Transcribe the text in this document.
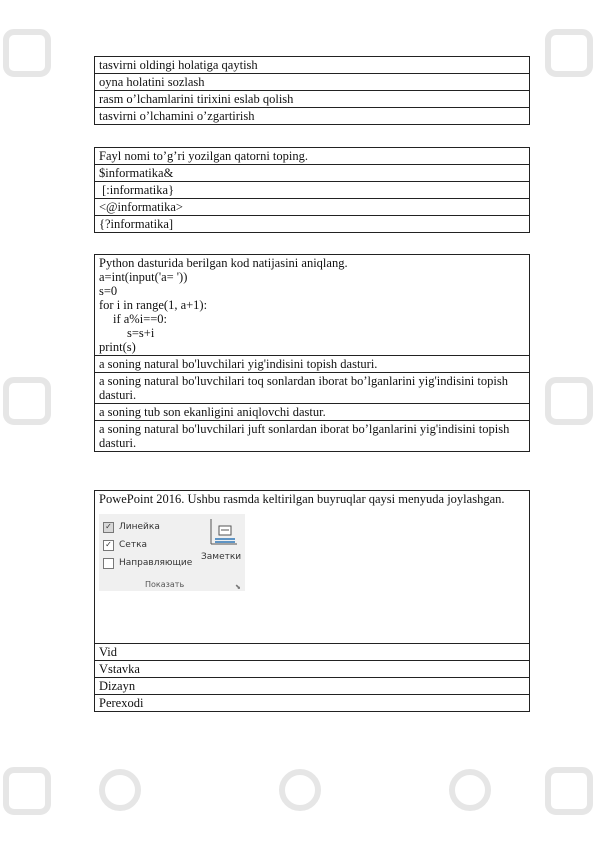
tasvirni oldingi holatiga qaytish
oyna holatini sozlash
rasm o’lchamlarini tirixini eslab qolish
tasvirni o’lchamini o’zgartirish
Fayl nomi to’g’ri yozilgan qatorni toping.
$informatika&
[:informatika}
<@informatika>
{?informatika]
Python dasturida berilgan kod natijasini aniqlang.
a=int(input('a= '))
s=0
for i in range(1, a+1):
if a%i==0:
s=s+i
print(s)

a soning natural bo'luvchilari yig'indisini topish dasturi.
a soning natural bo'luvchilari toq sonlardan iborat bo’lganlarini yig'indisini topish dasturi.
a soning tub son ekanligini aniqlovchi dastur.
a soning natural bo'luvchilari juft sonlardan iborat bo’lganlarini yig'indisini topish dasturi.
PowePoint 2016. Ushbu rasmda keltirilgan buyruqlar qaysi menyuda joylashgan.
✓ Линейка
✓ Сетка
Направляющие
Заметки
Показать	⬊

Vid
Vstavka
Dizayn
Perexodi
